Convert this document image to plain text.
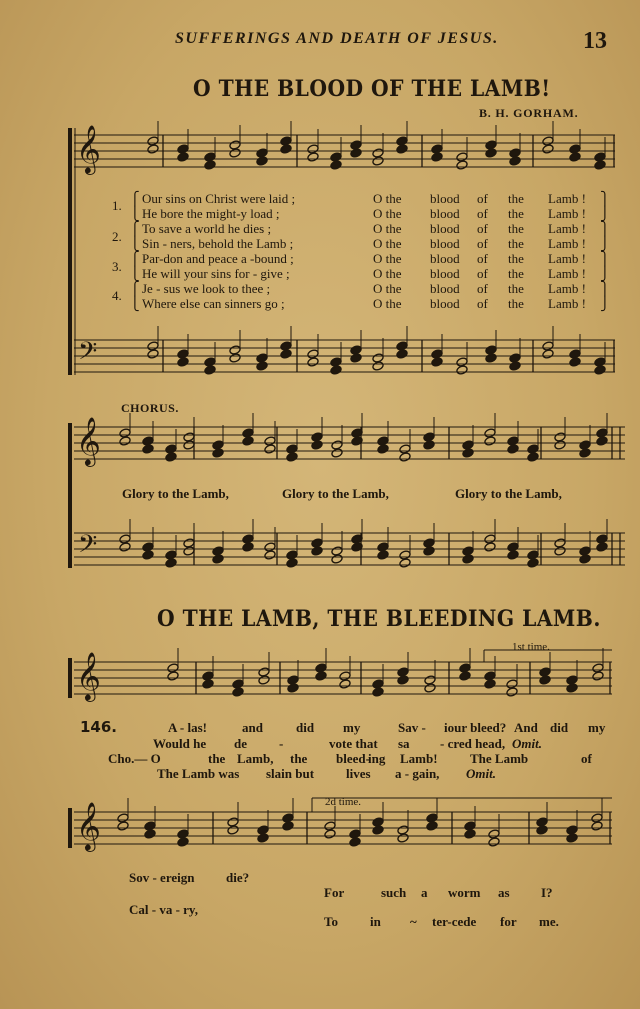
SUFFERINGS AND DEATH OF JESUS.	13
O THE BLOOD OF THE LAMB!
B. H. GORHAM.
𝄞
𝄢
𝄞
𝄢
𝄞
𝄞
1.
2.
3.
4.
⎧	⎫
Our sins on Christ were laid ;	O the blood of the Lamb !
⎩	⎭
He bore the might-y load ;	O the blood of the Lamb !
⎧	⎫
To save a world he dies ;	O the blood of the Lamb !
⎩	⎭
Sin - ners, behold the Lamb ;	O the blood of the Lamb !
⎧	⎫
Par-don and peace a -bound ;	O the blood of the Lamb !
⎩	⎭
He will your sins for - give ;	O the blood of the Lamb !
⎧	⎫
Je - sus we look to thee ;	O the blood of the Lamb !
⎩	⎭
Where else can sinners go ;	O the blood of the Lamb !
CHORUS.
Glory to the Lamb,	Glory to the Lamb,	Glory to the Lamb,
O THE LAMB, THE BLEEDING LAMB.
1st time.
2d time.
146.	A - las!	and	did my	Sav - iour bleed? And did my
Would he de -	vote that sa - cred head, Omit.
Cho.— O	the Lamb, the bleed-
ing Lamb! The Lamb	of
The Lamb was slain but lives a - gain, Omit.
Sov - ereign die?
For	such a worm as I?
Cal - va - ry,
To in ~ ter-cede for me.
